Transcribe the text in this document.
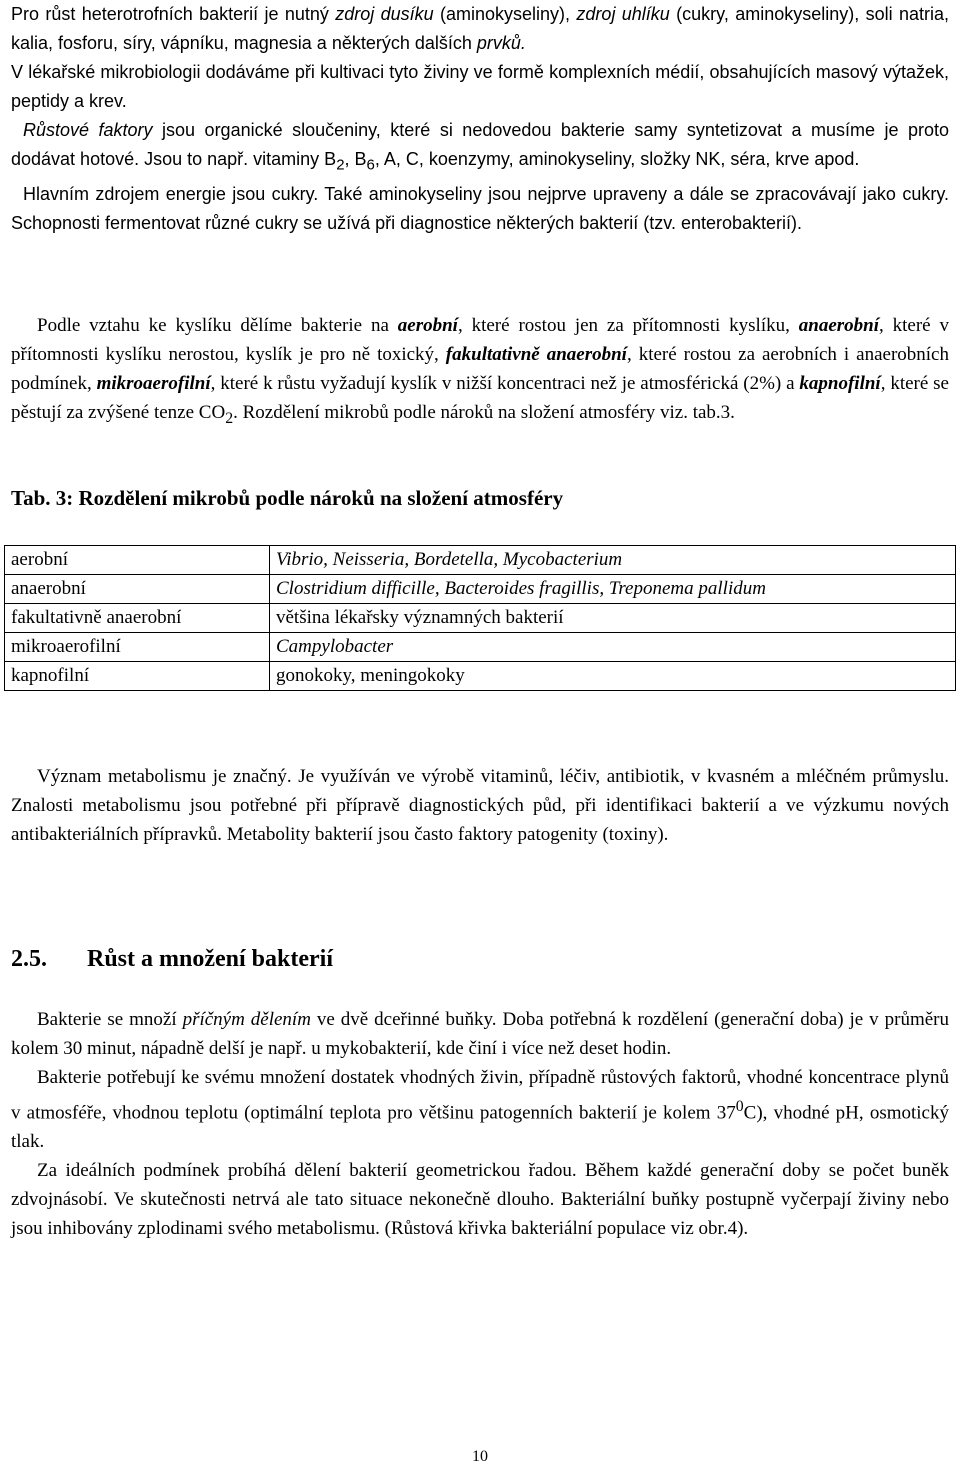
Pro růst heterotrofních bakterií je nutný zdroj dusíku (aminokyseliny), zdroj uhlíku (cukry, aminokyseliny), soli natria, kalia, fosforu, síry, vápníku, magnesia a některých dalších prvků.

V lékařské mikrobiologii dodáváme při kultivaci tyto živiny ve formě komplexních médií, obsahujících masový výtažek, peptidy a krev.

Růstové faktory jsou organické sloučeniny, které si nedovedou bakterie samy syntetizovat a musíme je proto dodávat hotové. Jsou to např. vitaminy $B_2$, $B_6$, A, C, koenzymy, aminokyseliny, složky NK, séra, krve apod.

Hlavním zdrojem energie jsou cukry. Také aminokyseliny jsou nejprve upraveny a dále se zpracovávají jako cukry. Schopnosti fermentovat různé cukry se užívá při diagnostice některých bakterií (tzv. enterobakterií).

Podle vztahu ke kyslíku dělíme bakterie na aerobní, které rostou jen za přítomnosti kyslíku, anaerobní, které v přítomnosti kyslíku nerostou, kyslík je pro ně toxický, fakultativně anaerobní, které rostou za aerobních i anaerobních podmínek, mikroaerofilní, které k růstu vyžadují kyslík v nižší koncentraci než je atmosférická (2%) a kapnofilní, které se pěstují za zvýšené tenze $CO_2$. Rozdělení mikrobů podle nároků na složení atmosféry viz. tab.3.

Tab. 3: Rozdělení mikrobů podle nároků na složení atmosféry
aerobní	Vibrio, Neisseria, Bordetella, Mycobacterium
anaerobní	Clostridium difficille, Bacteroides fragillis, Treponema pallidum
fakultativně anaerobní	většina lékařsky významných bakterií
mikroaerofilní	Campylobacter
kapnofilní	gonokoky, meningokoky

Význam metabolismu je značný. Je využíván ve výrobě vitaminů, léčiv, antibiotik, v kvasném a mléčném průmyslu. Znalosti metabolismu jsou potřebné při přípravě diagnostických půd, při identifikaci bakterií a ve výzkumu nových antibakteriálních přípravků. Metabolity bakterií jsou často faktory patogenity (toxiny).

2.5. Růst a množení bakterií

Bakterie se množí příčným dělením ve dvě dceřinné buňky. Doba potřebná k rozdělení (generační doba) je v průměru kolem 30 minut, nápadně delší je např. u mykobakterií, kde činí i více než deset hodin.

Bakterie potřebují ke svému množení dostatek vhodných živin, případně růstových faktorů, vhodné koncentrace plynů v atmosféře, vhodnou teplotu (optimální teplota pro většinu patogenních bakterií je kolem $37^0C$), vhodné pH, osmotický tlak.

Za ideálních podmínek probíhá dělení bakterií geometrickou řadou. Během každé generační doby se počet buněk zdvojnásobí. Ve skutečnosti netrvá ale tato situace nekonečně dlouho. Bakteriální buňky postupně vyčerpají živiny nebo jsou inhibovány zplodinami svého metabolismu. (Růstová křivka bakteriální populace viz obr.4).

10
